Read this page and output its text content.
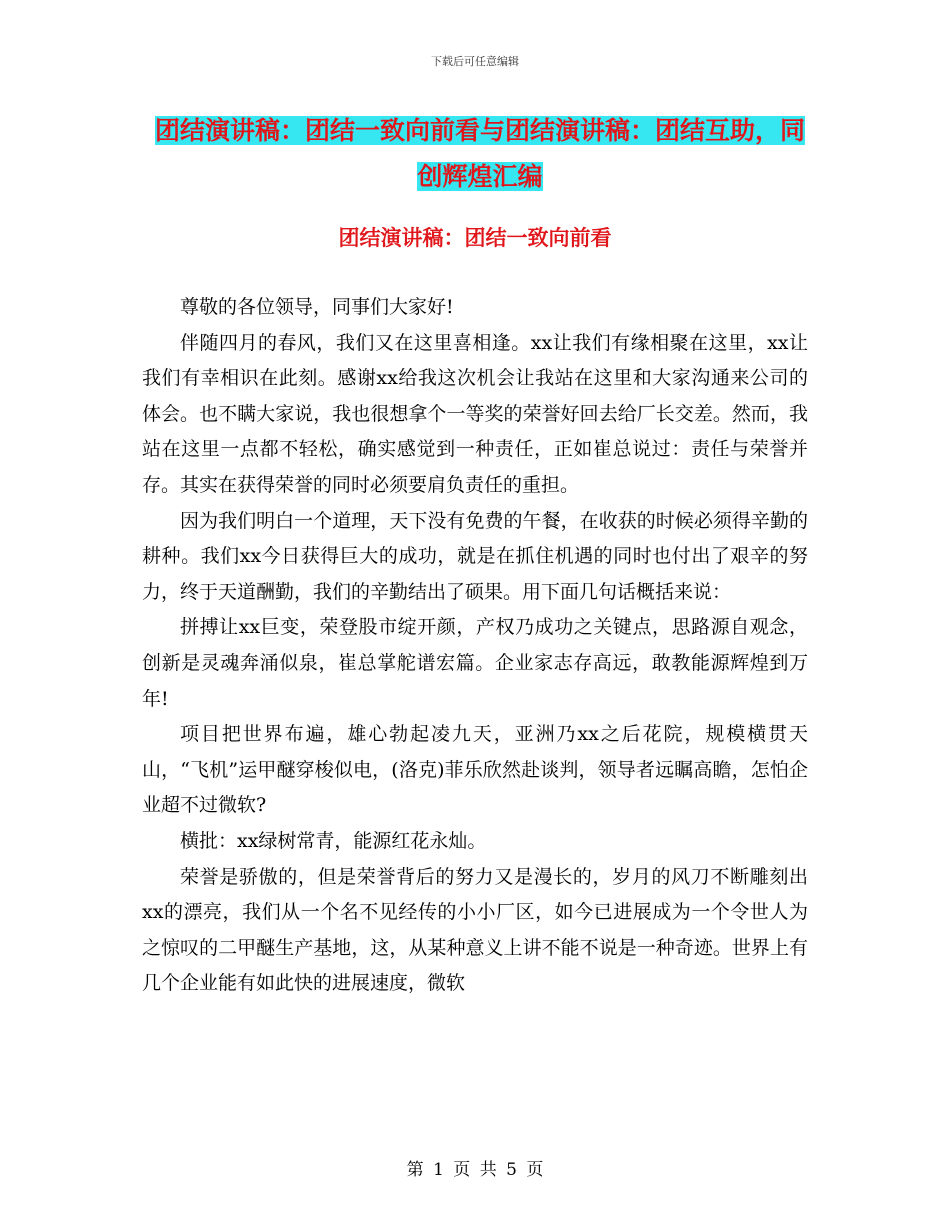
下载后可任意编辑
团结演讲稿：团结一致向前看与团结演讲稿：团结互助，同创辉煌汇编
团结演讲稿：团结一致向前看

尊敬的各位领导，同事们大家好!

伴随四月的春风，我们又在这里喜相逢。xx让我们有缘相聚在这里，xx让我们有幸相识在此刻。感谢xx给我这次机会让我站在这里和大家沟通来公司的体会。也不瞒大家说，我也很想拿个一等奖的荣誉好回去给厂长交差。然而，我站在这里一点都不轻松，确实感觉到一种责任，正如崔总说过：责任与荣誉并存。其实在获得荣誉的同时必须要肩负责任的重担。

因为我们明白一个道理，天下没有免费的午餐，在收获的时候必须得辛勤的耕种。我们xx今日获得巨大的成功，就是在抓住机遇的同时也付出了艰辛的努力，终于天道酬勤，我们的辛勤结出了硕果。用下面几句话概括来说：

拼搏让xx巨变，荣登股市绽开颜，产权乃成功之关键点，思路源自观念，创新是灵魂奔涌似泉，崔总掌舵谱宏篇。企业家志存高远，敢教能源辉煌到万年!

项目把世界布遍，雄心勃起凌九天，亚洲乃xx之后花院，规模横贯天山，“飞机”运甲醚穿梭似电，(洛克)菲乐欣然赴谈判，领导者远瞩高瞻，怎怕企业超不过微软?

横批：xx绿树常青，能源红花永灿。

荣誉是骄傲的，但是荣誉背后的努力又是漫长的，岁月的风刀不断雕刻出xx的漂亮，我们从一个名不见经传的小小厂区，如今已进展成为一个令世人为之惊叹的二甲醚生产基地，这，从某种意义上讲不能不说是一种奇迹。世界上有几个企业能有如此快的进展速度，微软

第 1 页 共 5 页
